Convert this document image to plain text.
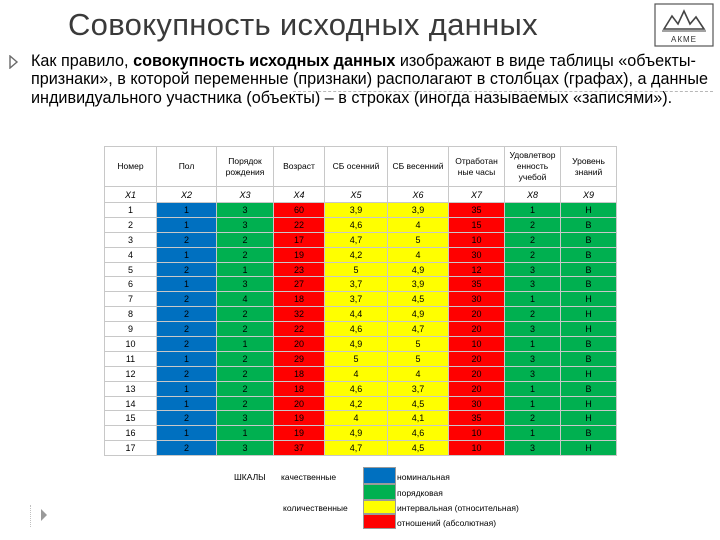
Совокупность исходных данных	АКМЕ
Как правило, совокупность исходных данных изображают в виде таблицы «объекты-признаки», в которой переменные (признаки) располагают в столбцах (графах), а данные индивидуального участника (объекты) – в строках (иногда называемых «записями»).
Номер	Пол	Порядок рождения	Возраст	СБ осенний	СБ весенний	Отработан ные часы	Удовлетвор енность учебой	Уровень знаний
X1	X2	X3	X4	X5	X6	X7	X8	X9
1	1	3	60	3,9	3,9	35	1	Н
2	1	3	22	4,6	4	15	2	В
3	2	2	17	4,7	5	10	2	В
4	1	2	19	4,2	4	30	2	В
5	2	1	23	5	4,9	12	3	В
6	1	3	27	3,7	3,9	35	3	В
7	2	4	18	3,7	4,5	30	1	Н
8	2	2	32	4,4	4,9	20	2	Н
9	2	2	22	4,6	4,7	20	3	Н
10	2	1	20	4,9	5	10	1	В
11	1	2	29	5	5	20	3	В
12	2	2	18	4	4	20	3	Н
13	1	2	18	4,6	3,7	20	1	В
14	1	2	20	4,2	4,5	30	1	Н
15	2	3	19	4	4,1	35	2	Н
16	1	1	19	4,9	4,6	10	1	В
17	2	3	37	4,7	4,5	10	3	Н
ШКАЛЫ качественные
количественные
номинальная
порядковая
интервальная (относительная)
отношений (абсолютная)
